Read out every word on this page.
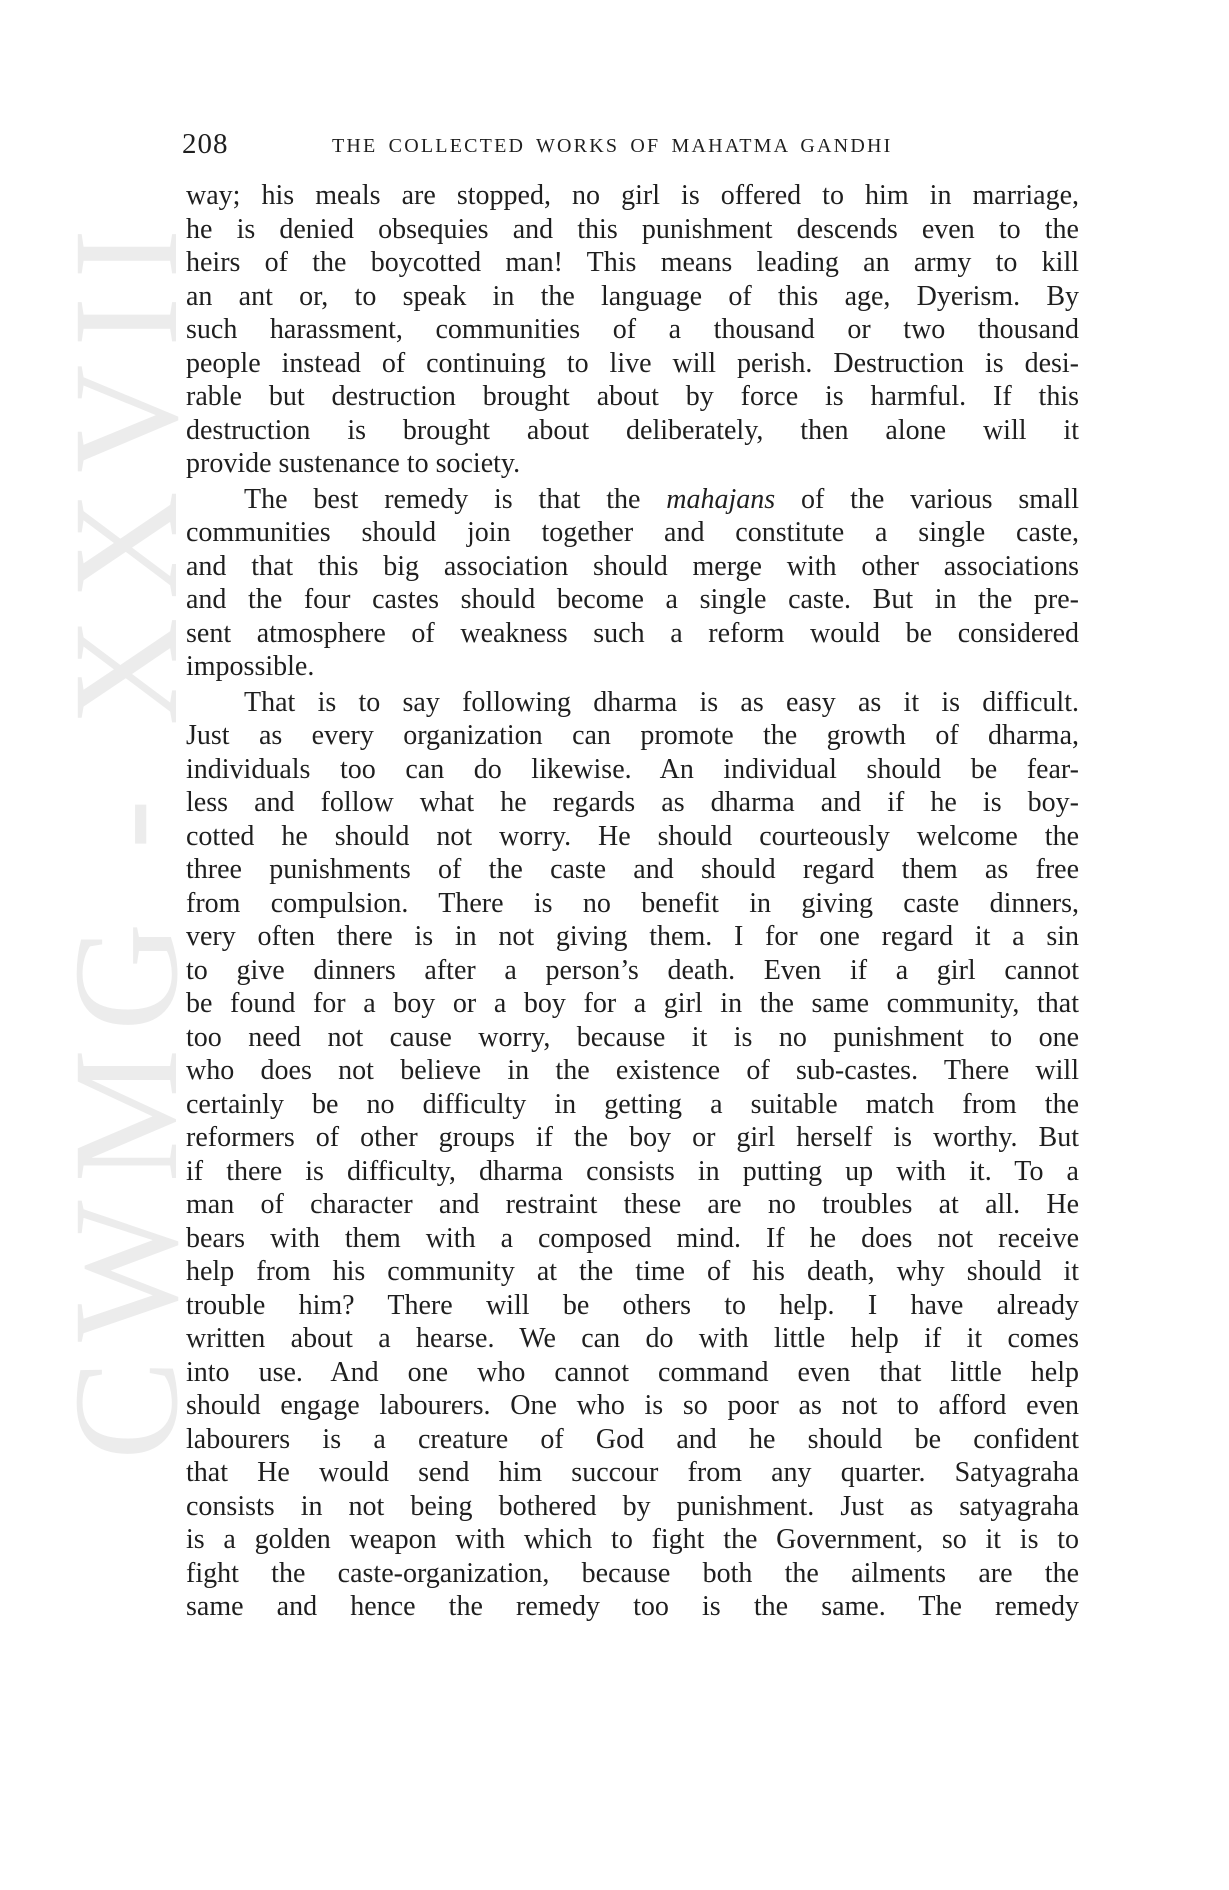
CWMG - XXVII
208	THE COLLECTED WORKS OF MAHATMA GANDHI
way; his meals are stopped, no girl is offered to him in marriage,
he is denied obsequies and this punishment descends even to the
heirs of the boycotted man! This means leading an army to kill
an ant or, to speak in the language of this age, Dyerism. By
such harassment, communities of a thousand or two thousand
people instead of continuing to live will perish. Destruction is desi-
rable but destruction brought about by force is harmful. If this
destruction is brought about deliberately, then alone will it
provide sustenance to society.
The best remedy is that the mahajans of the various small
communities should join together and constitute a single caste,
and that this big association should merge with other associations
and the four castes should become a single caste. But in the pre-
sent atmosphere of weakness such a reform would be considered
impossible.
That is to say following dharma is as easy as it is difficult.
Just as every organization can promote the growth of dharma,
individuals too can do likewise. An individual should be fear-
less and follow what he regards as dharma and if he is boy-
cotted he should not worry. He should courteously welcome the
three punishments of the caste and should regard them as free
from compulsion. There is no benefit in giving caste dinners,
very often there is in not giving them. I for one regard it a sin
to give dinners after a person’s death. Even if a girl cannot
be found for a boy or a boy for a girl in the same community, that
too need not cause worry, because it is no punishment to one
who does not believe in the existence of sub-castes. There will
certainly be no difficulty in getting a suitable match from the
reformers of other groups if the boy or girl herself is worthy. But
if there is difficulty, dharma consists in putting up with it. To a
man of character and restraint these are no troubles at all. He
bears with them with a composed mind. If he does not receive
help from his community at the time of his death, why should it
trouble him? There will be others to help. I have already
written about a hearse. We can do with little help if it comes
into use. And one who cannot command even that little help
should engage labourers. One who is so poor as not to afford even
labourers is a creature of God and he should be confident
that He would send him succour from any quarter. Satyagraha
consists in not being bothered by punishment. Just as satyagraha
is a golden weapon with which to fight the Government, so it is to
fight the caste-organization, because both the ailments are the
same and hence the remedy too is the same. The remedy
